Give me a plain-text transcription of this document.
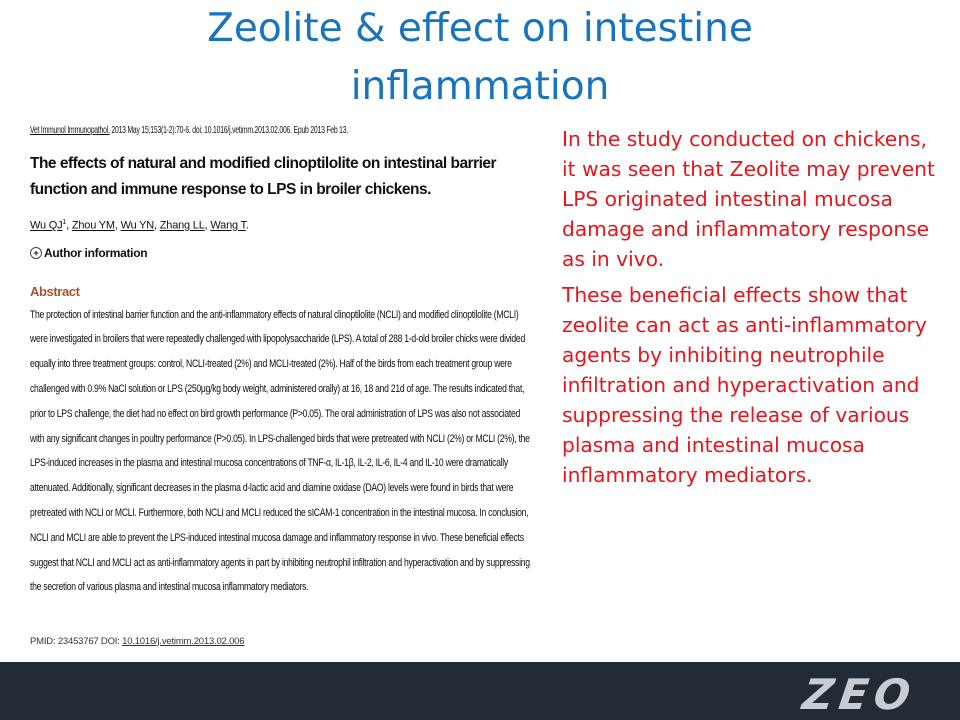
Zeolite & effect on intestine
inflammation
Vet Immunol Immunopathol. 2013 May 15;153(1-2):70-6. doi: 10.1016/j.vetimm.2013.02.006. Epub 2013 Feb 13.
The effects of natural and modified clinoptilolite on intestinal barrier function and immune response to LPS in broiler chickens.
Wu $QJ^1$, Zhou YM, Wu YN, Zhang LL, Wang T.
+ Author information
Abstract
The protection of intestinal barrier function and the anti-inflammatory effects of natural clinoptilolite (NCLI) and modified clinoptilolite (MCLI)
were investigated in broilers that were repeatedly challenged with lipopolysaccharide (LPS). A total of 288 1-d-old broiler chicks were divided
equally into three treatment groups: control, NCLI-treated (2%) and MCLI-treated (2%). Half of the birds from each treatment group were
challenged with 0.9% NaCl solution or LPS (250μg/kg body weight, administered orally) at 16, 18 and 21d of age. The results indicated that,
prior to LPS challenge, the diet had no effect on bird growth performance (P>0.05). The oral administration of LPS was also not associated
with any significant changes in poultry performance (P>0.05). In LPS-challenged birds that were pretreated with NCLI (2%) or MCLI (2%), the
LPS-induced increases in the plasma and intestinal mucosa concentrations of TNF-α, IL-1β, IL-2, IL-6, IL-4 and IL-10 were dramatically
attenuated. Additionally, significant decreases in the plasma d-lactic acid and diamine oxidase (DAO) levels were found in birds that were
pretreated with NCLI or MCLI. Furthermore, both NCLI and MCLI reduced the sICAM-1 concentration in the intestinal mucosa. In conclusion,
NCLI and MCLI are able to prevent the LPS-induced intestinal mucosa damage and inflammatory response in vivo. These beneficial effects
suggest that NCLI and MCLI act as anti-inflammatory agents in part by inhibiting neutrophil infiltration and hyperactivation and by suppressing
the secretion of various plasma and intestinal mucosa inflammatory mediators.
PMID: 23453767 DOI: 10.1016/j.vetimm.2013.02.006

In the study conducted on chickens, it was seen that Zeolite may prevent LPS originated intestinal mucosa damage and inflammatory response as in vivo.

These beneficial effects show that zeolite can act as anti-inflammatory agents by inhibiting neutrophile infiltration and hyperactivation and suppressing the release of various plasma and intestinal mucosa inflammatory mediators.

ZEO
